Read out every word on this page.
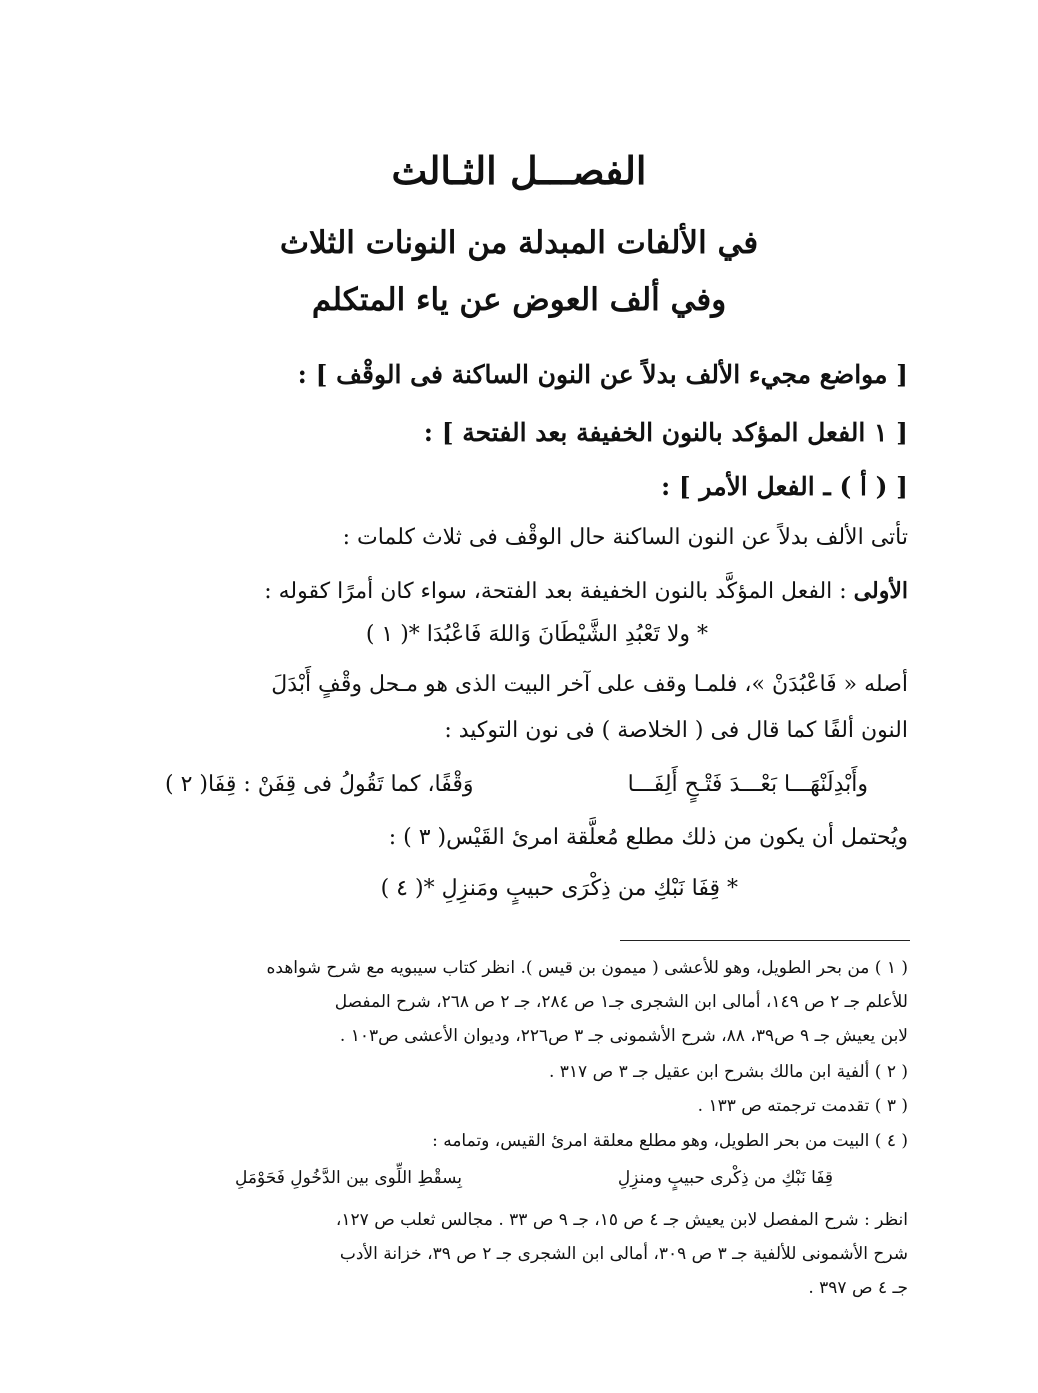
الفصـــل الثـالث
في الألفات المبدلة من النونات الثلاث
وفي ألف العوض عن ياء المتكلم
[ مواضع مجيء الألف بدلاً عن النون الساكنة فى الوقْف ] :
[ ١ الفعل المؤكد بالنون الخفيفة بعد الفتحة ] :
[ ( أ ) ـ الفعل الأمر ] :
تأتى الألف بدلاً عن النون الساكنة حال الوقْف فى ثلاث كلمات :
الأولى : الفعل المؤكَّد بالنون الخفيفة بعد الفتحة، سواء كان أمرًا كقوله :
* ولا تَعْبُدِ الشَّيْطَانَ وَاللهَ فَاعْبُدَا *( ١ )
أصله « فَاعْبُدَنْ »، فلمـا وقف على آخر البيت الذى هو مـحل وقْفٍ أَبْدَلَ
النون ألفًا كما قال فى ( الخلاصة ) فى نون التوكيد :
وأَبْدِلَنْهَـــا بَعْـــدَ فَتْـحٍ أَلِفَـــا
وَقْفًا، كما تَقُولُ فى قِفَنْ : قِفَا( ٢ )
ويُحتمل أن يكون من ذلك مطلع مُعلَّقة امرئ القَيْس( ٣ ) :
* قِفَا نَبْكِ من ذِكْرَى حبيبٍ ومَنزِلِ *( ٤ )
( ١ ) من بحر الطويل، وهو للأعشى ( ميمون بن قيس ). انظر كتاب سيبويه مع شرح شواهده
للأعلم جـ ٢ ص ١٤٩، أمالى ابن الشجرى جـ١ ص ٢٨٤، جـ ٢ ص ٢٦٨، شرح المفصل
لابن يعيش جـ ٩ ص٣٩، ٨٨، شرح الأشمونى جـ ٣ ص٢٢٦، وديوان الأعشى ص١٠٣ .
( ٢ ) ألفية ابن مالك بشرح ابن عقيل جـ ٣ ص ٣١٧ .
( ٣ ) تقدمت ترجمته ص ١٣٣ .
( ٤ ) البيت من بحر الطويل، وهو مطلع معلقة امرئ القيس، وتمامه :
قِفَا نَبْكِ من ذِكْرى حبيبٍ ومنزِلِ
بِسقْطِ اللِّوى بين الدَّخُولِ فَحَوْمَلِ
انظر : شرح المفصل لابن يعيش جـ ٤ ص ١٥، جـ ٩ ص ٣٣ . مجالس ثعلب ص ١٢٧،
شرح الأشمونى للألفية جـ ٣ ص ٣٠٩، أمالى ابن الشجرى جـ ٢ ص ٣٩، خزانة الأدب
جـ ٤ ص ٣٩٧ .
